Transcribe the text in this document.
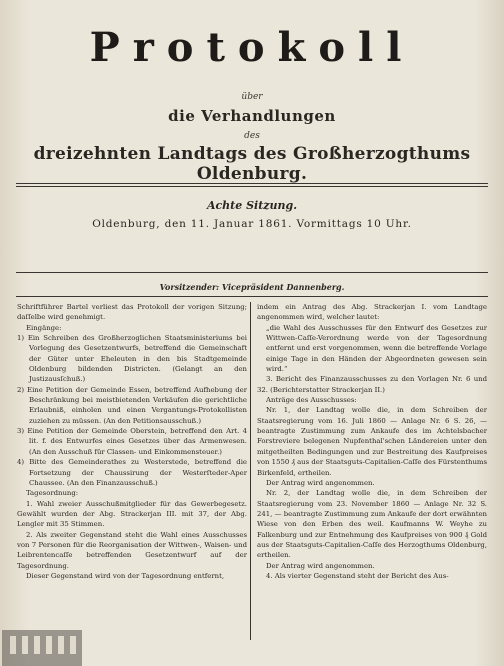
Protokoll
über
die Verhandlungen
des
dreizehnten Landtags des Großherzogthums Oldenburg.
Achte Sitzung.
Oldenburg, den 11. Januar 1861. Vormittags 10 Uhr.
Vorsitzender: Vicepräsident Dannenberg.

Schriftführer Bartel verliest das Protokoll der vorigen Sitzung; daſſelbe wird genehmigt.

Eingänge:

1) Ein Schreiben des Großherzoglichen Staatsministeriums bei Vorlegung des Gesetzentwurfs, betreffend die Gemeinschaft der Güter unter Eheleuten in den bis Stadtgemeinde Oldenburg bildenden Districten. (Gelangt an den Justizausſchuß.)

2) Eine Petition der Gemeinde Essen, betreffend Aufhebung der Beschränkung bei meistbietenden Verkäufen die gerichtliche Erlaubniß, einholen und einen Vergantungs-Protokollisten zuziehen zu müssen. (An den Petitionsausschuß.)

3) Eine Petition der Gemeinde Oberstein, betreffend den Art. 4 lit. f. des Entwurfes eines Gesetzes über das Armenwesen. (An den Ausschuß für Classen- und Einkommensteuer.)

4) Bitte des Gemeinderathes zu Westerstede, betreffend die Fortsetzung der Chaussirung der Westerſteder-Aper Chaussee. (An den Finanzausschuß.)

Tagesordnung:

1. Wahl zweier Ausschußmitglieder für das Gewerbegesetz. Gewählt wurden der Abg. Strackerjan III. mit 37, der Abg. Lengler mit 35 Stimmen.

2. Als zweiter Gegenstand steht die Wahl eines Ausschusses von 7 Personen für die Reorganisation der Wittwen-, Waisen- und Leibrentencaſſe betreffenden Gesetzentwurf auf der Tagesordnung.

Dieser Gegenstand wird von der Tagesordnung entfernt,

indem ein Antrag des Abg. Strackerjan I. vom Landtage angenommen wird, welcher lautet:

„die Wahl des Ausschusses für den Entwurf des Gesetzes zur Wittwen-Caſſe-Verordnung werde von der Tagesordnung entfernt und erst vorgenommen, wenn die betreffende Vorlage einige Tage in den Händen der Abgeordneten gewesen sein wird.“

3. Bericht des Finanzausschusses zu den Vorlagen Nr. 6 und 32. (Berichterstatter Strackerjan II.)

Anträge des Ausschusses:

Nr. 1, der Landtag wolle die, in dem Schreiben der Staatsregierung vom 16. Juli 1860 — Anlage Nr. 6 S. 26, — beantragte Zustimmung zum Ankaufe des im Achtelsbacher Forstreviere belegenen Nupfenthal'schen Ländereien unter den mitgetheilten Bedingungen und zur Bestreitung des Kaufpreises von 1550 ₰ aus der Staatsguts-Capitalien-Caſſe des Fürstenthums Birkenfeld, ertheilen.

Der Antrag wird angenommen.

Nr. 2, der Landtag wolle die, in dem Schreiben der Staatsregierung vom 23. November 1860 — Anlage Nr. 32 S. 241, — beantragte Zustimmung zum Ankaufe der dort erwähnten Wiese von den Erben des weil. Kaufmanns W. Weyhe zu Falkenburg und zur Entnehmung des Kaufpreises von 900 ₰ Gold aus der Staatsguts-Capitalien-Caſſe des Herzogthums Oldenburg, ertheilen.

Der Antrag wird angenommen.

4. Als vierter Gegenstand steht der Bericht des Aus-
